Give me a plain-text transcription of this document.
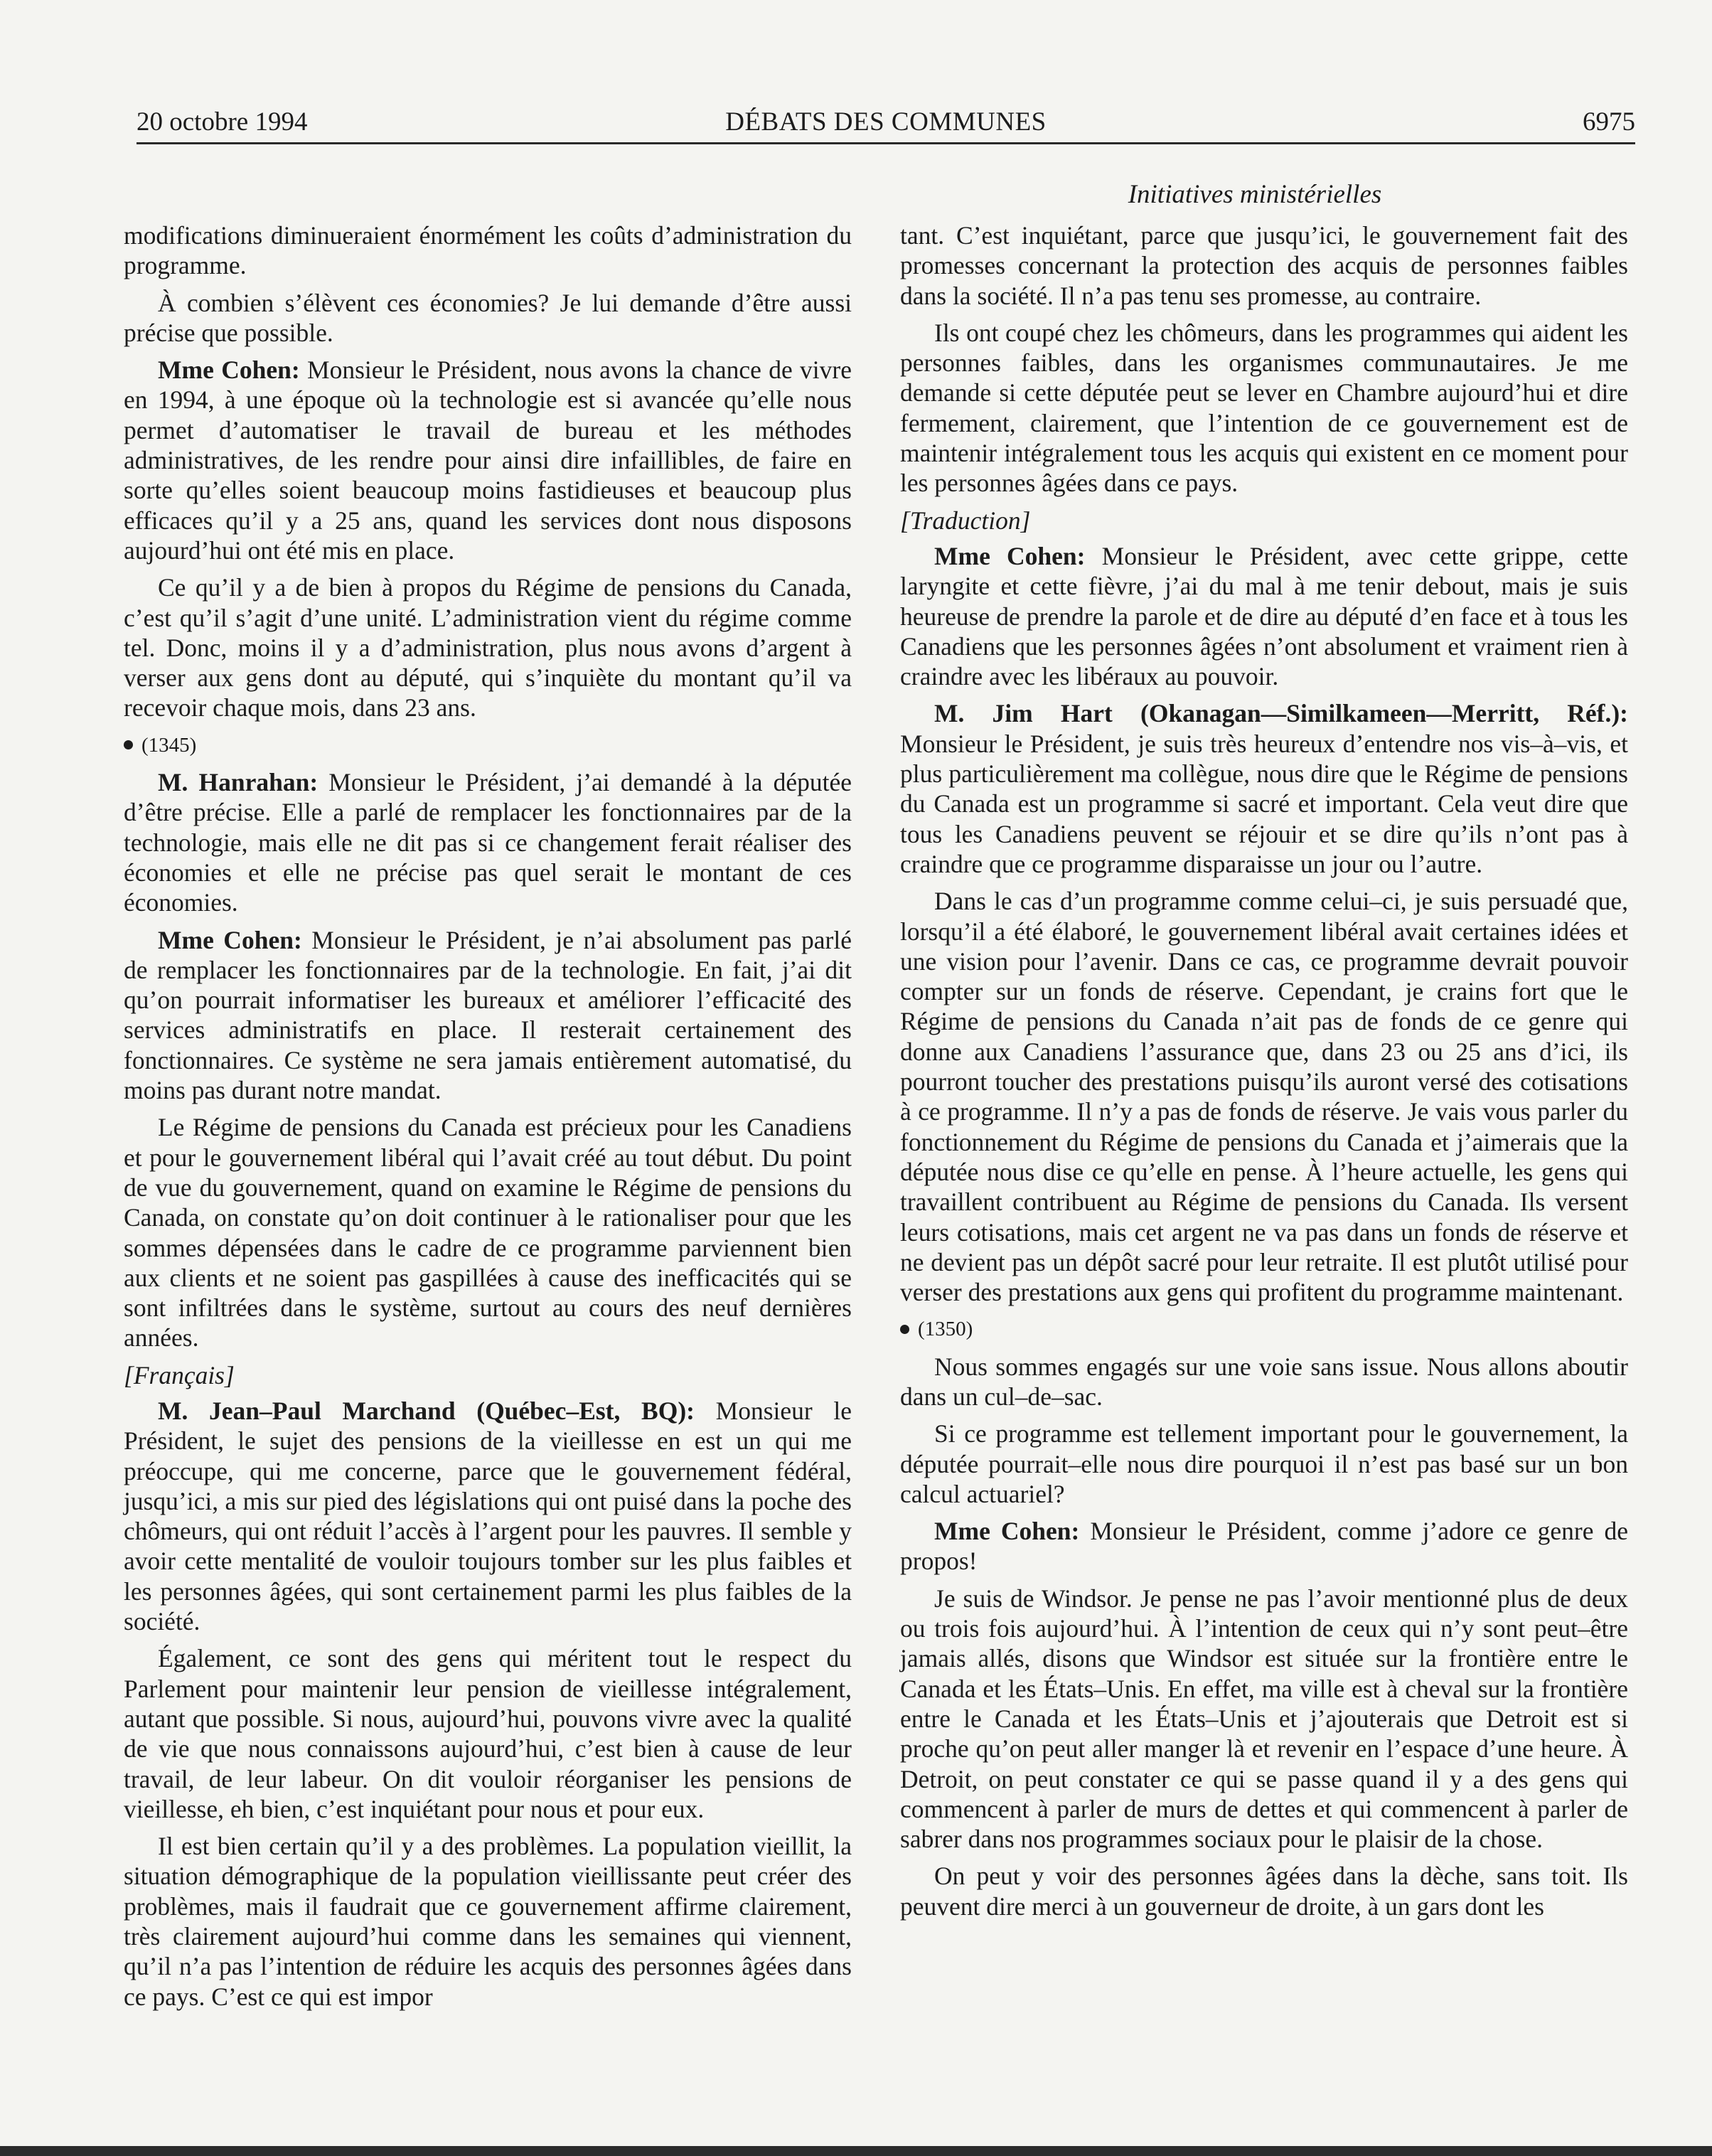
20 octobre 1994	DÉBATS DES COMMUNES	6975
Initiatives ministérielles

modifications diminueraient énormément les coûts d’administration du programme.

À combien s’élèvent ces économies? Je lui demande d’être aussi précise que possible.

Mme Cohen: Monsieur le Président, nous avons la chance de vivre en 1994, à une époque où la technologie est si avancée qu’elle nous permet d’automatiser le travail de bureau et les méthodes administratives, de les rendre pour ainsi dire infaillibles, de faire en sorte qu’elles soient beaucoup moins fastidieuses et beaucoup plus efficaces qu’il y a 25 ans, quand les services dont nous disposons aujourd’hui ont été mis en place.

Ce qu’il y a de bien à propos du Régime de pensions du Canada, c’est qu’il s’agit d’une unité. L’administration vient du régime comme tel. Donc, moins il y a d’administration, plus nous avons d’argent à verser aux gens dont au député, qui s’inquiète du montant qu’il va recevoir chaque mois, dans 23 ans.

(1345)

M. Hanrahan: Monsieur le Président, j’ai demandé à la députée d’être précise. Elle a parlé de remplacer les fonctionnaires par de la technologie, mais elle ne dit pas si ce changement ferait réaliser des économies et elle ne précise pas quel serait le montant de ces économies.

Mme Cohen: Monsieur le Président, je n’ai absolument pas parlé de remplacer les fonctionnaires par de la technologie. En fait, j’ai dit qu’on pourrait informatiser les bureaux et améliorer l’efficacité des services administratifs en place. Il resterait certainement des fonctionnaires. Ce système ne sera jamais entièrement automatisé, du moins pas durant notre mandat.

Le Régime de pensions du Canada est précieux pour les Canadiens et pour le gouvernement libéral qui l’avait créé au tout début. Du point de vue du gouvernement, quand on examine le Régime de pensions du Canada, on constate qu’on doit continuer à le rationaliser pour que les sommes dépensées dans le cadre de ce programme parviennent bien aux clients et ne soient pas gaspillées à cause des inefficacités qui se sont infiltrées dans le système, surtout au cours des neuf dernières années.

[Français]

M. Jean–Paul Marchand (Québec–Est, BQ): Monsieur le Président, le sujet des pensions de la vieillesse en est un qui me préoccupe, qui me concerne, parce que le gouvernement fédéral, jusqu’ici, a mis sur pied des législations qui ont puisé dans la poche des chômeurs, qui ont réduit l’accès à l’argent pour les pauvres. Il semble y avoir cette mentalité de vouloir toujours tomber sur les plus faibles et les personnes âgées, qui sont certainement parmi les plus faibles de la société.

Également, ce sont des gens qui méritent tout le respect du Parlement pour maintenir leur pension de vieillesse intégralement, autant que possible. Si nous, aujourd’hui, pouvons vivre avec la qualité de vie que nous connaissons aujourd’hui, c’est bien à cause de leur travail, de leur labeur. On dit vouloir réorganiser les pensions de vieillesse, eh bien, c’est inquiétant pour nous et pour eux.

Il est bien certain qu’il y a des problèmes. La population vieillit, la situation démographique de la population vieillissante peut créer des problèmes, mais il faudrait que ce gouvernement affirme clairement, très clairement aujourd’hui comme dans les semaines qui viennent, qu’il n’a pas l’intention de réduire les acquis des personnes âgées dans ce pays. C’est ce qui est impor

tant. C’est inquiétant, parce que jusqu’ici, le gouvernement fait des promesses concernant la protection des acquis de personnes faibles dans la société. Il n’a pas tenu ses promesse, au contraire.

Ils ont coupé chez les chômeurs, dans les programmes qui aident les personnes faibles, dans les organismes communautaires. Je me demande si cette députée peut se lever en Chambre aujourd’hui et dire fermement, clairement, que l’intention de ce gouvernement est de maintenir intégralement tous les acquis qui existent en ce moment pour les personnes âgées dans ce pays.

[Traduction]

Mme Cohen: Monsieur le Président, avec cette grippe, cette laryngite et cette fièvre, j’ai du mal à me tenir debout, mais je suis heureuse de prendre la parole et de dire au député d’en face et à tous les Canadiens que les personnes âgées n’ont absolument et vraiment rien à craindre avec les libéraux au pouvoir.

M. Jim Hart (Okanagan—Similkameen—Merritt, Réf.): Monsieur le Président, je suis très heureux d’entendre nos vis–à–vis, et plus particulièrement ma collègue, nous dire que le Régime de pensions du Canada est un programme si sacré et important. Cela veut dire que tous les Canadiens peuvent se réjouir et se dire qu’ils n’ont pas à craindre que ce programme disparaisse un jour ou l’autre.

Dans le cas d’un programme comme celui–ci, je suis persuadé que, lorsqu’il a été élaboré, le gouvernement libéral avait certaines idées et une vision pour l’avenir. Dans ce cas, ce programme devrait pouvoir compter sur un fonds de réserve. Cependant, je crains fort que le Régime de pensions du Canada n’ait pas de fonds de ce genre qui donne aux Canadiens l’assurance que, dans 23 ou 25 ans d’ici, ils pourront toucher des prestations puisqu’ils auront versé des cotisations à ce programme. Il n’y a pas de fonds de réserve. Je vais vous parler du fonctionnement du Régime de pensions du Canada et j’aimerais que la députée nous dise ce qu’elle en pense. À l’heure actuelle, les gens qui travaillent contribuent au Régime de pensions du Canada. Ils versent leurs cotisations, mais cet argent ne va pas dans un fonds de réserve et ne devient pas un dépôt sacré pour leur retraite. Il est plutôt utilisé pour verser des prestations aux gens qui profitent du programme maintenant.

(1350)

Nous sommes engagés sur une voie sans issue. Nous allons aboutir dans un cul–de–sac.

Si ce programme est tellement important pour le gouvernement, la députée pourrait–elle nous dire pourquoi il n’est pas basé sur un bon calcul actuariel?

Mme Cohen: Monsieur le Président, comme j’adore ce genre de propos!

Je suis de Windsor. Je pense ne pas l’avoir mentionné plus de deux ou trois fois aujourd’hui. À l’intention de ceux qui n’y sont peut–être jamais allés, disons que Windsor est située sur la frontière entre le Canada et les États–Unis. En effet, ma ville est à cheval sur la frontière entre le Canada et les États–Unis et j’ajouterais que Detroit est si proche qu’on peut aller manger là et revenir en l’espace d’une heure. À Detroit, on peut constater ce qui se passe quand il y a des gens qui commencent à parler de murs de dettes et qui commencent à parler de sabrer dans nos programmes sociaux pour le plaisir de la chose.

On peut y voir des personnes âgées dans la dèche, sans toit. Ils peuvent dire merci à un gouverneur de droite, à un gars dont les
